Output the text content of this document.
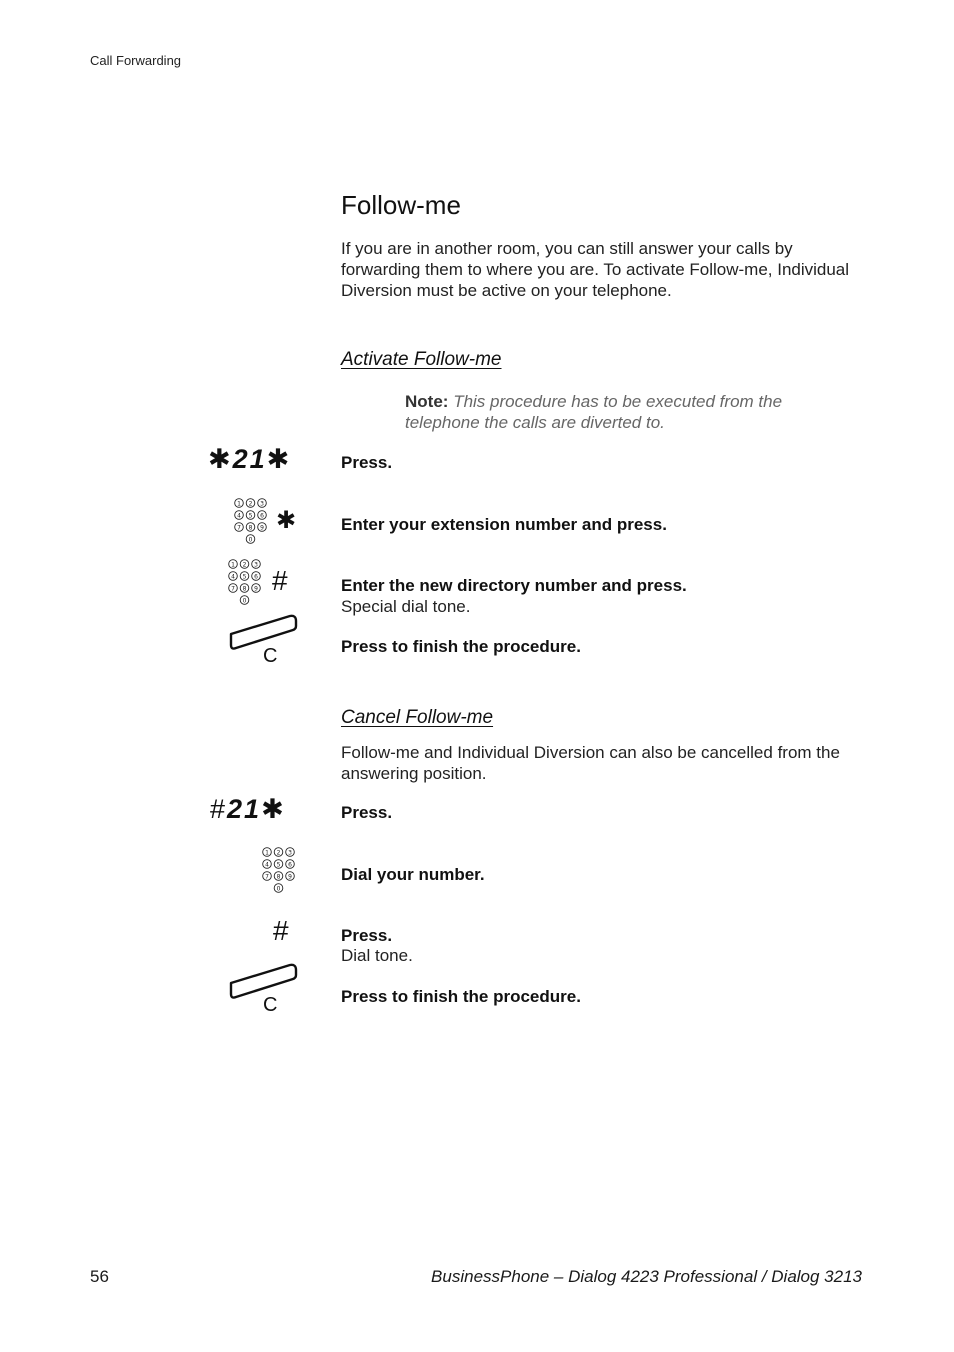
Call Forwarding
Follow-me
If you are in another room, you can still answer your calls by forwarding them to where you are. To activate Follow-me, Individual Diversion must be active on your telephone.
Activate Follow-me
Note: This procedure has to be executed from the telephone the calls are diverted to.
✱21✱	Press.
1 2 3
4 5 6
7 8 9
0
✱	Enter your extension number and press.
1 2 3
4 5 6
7 8 9
0
#	Enter the new directory number and press.
Special dial tone.
C	Press to finish the procedure.
Cancel Follow-me
Follow-me and Individual Diversion can also be cancelled from the answering position.
#21✱	Press.
1 2 3
4 5 6
7 8 9
0
Dial your number.
#	Press.
Dial tone.
C	Press to finish the procedure.
56	BusinessPhone – Dialog 4223 Professional / Dialog 3213
